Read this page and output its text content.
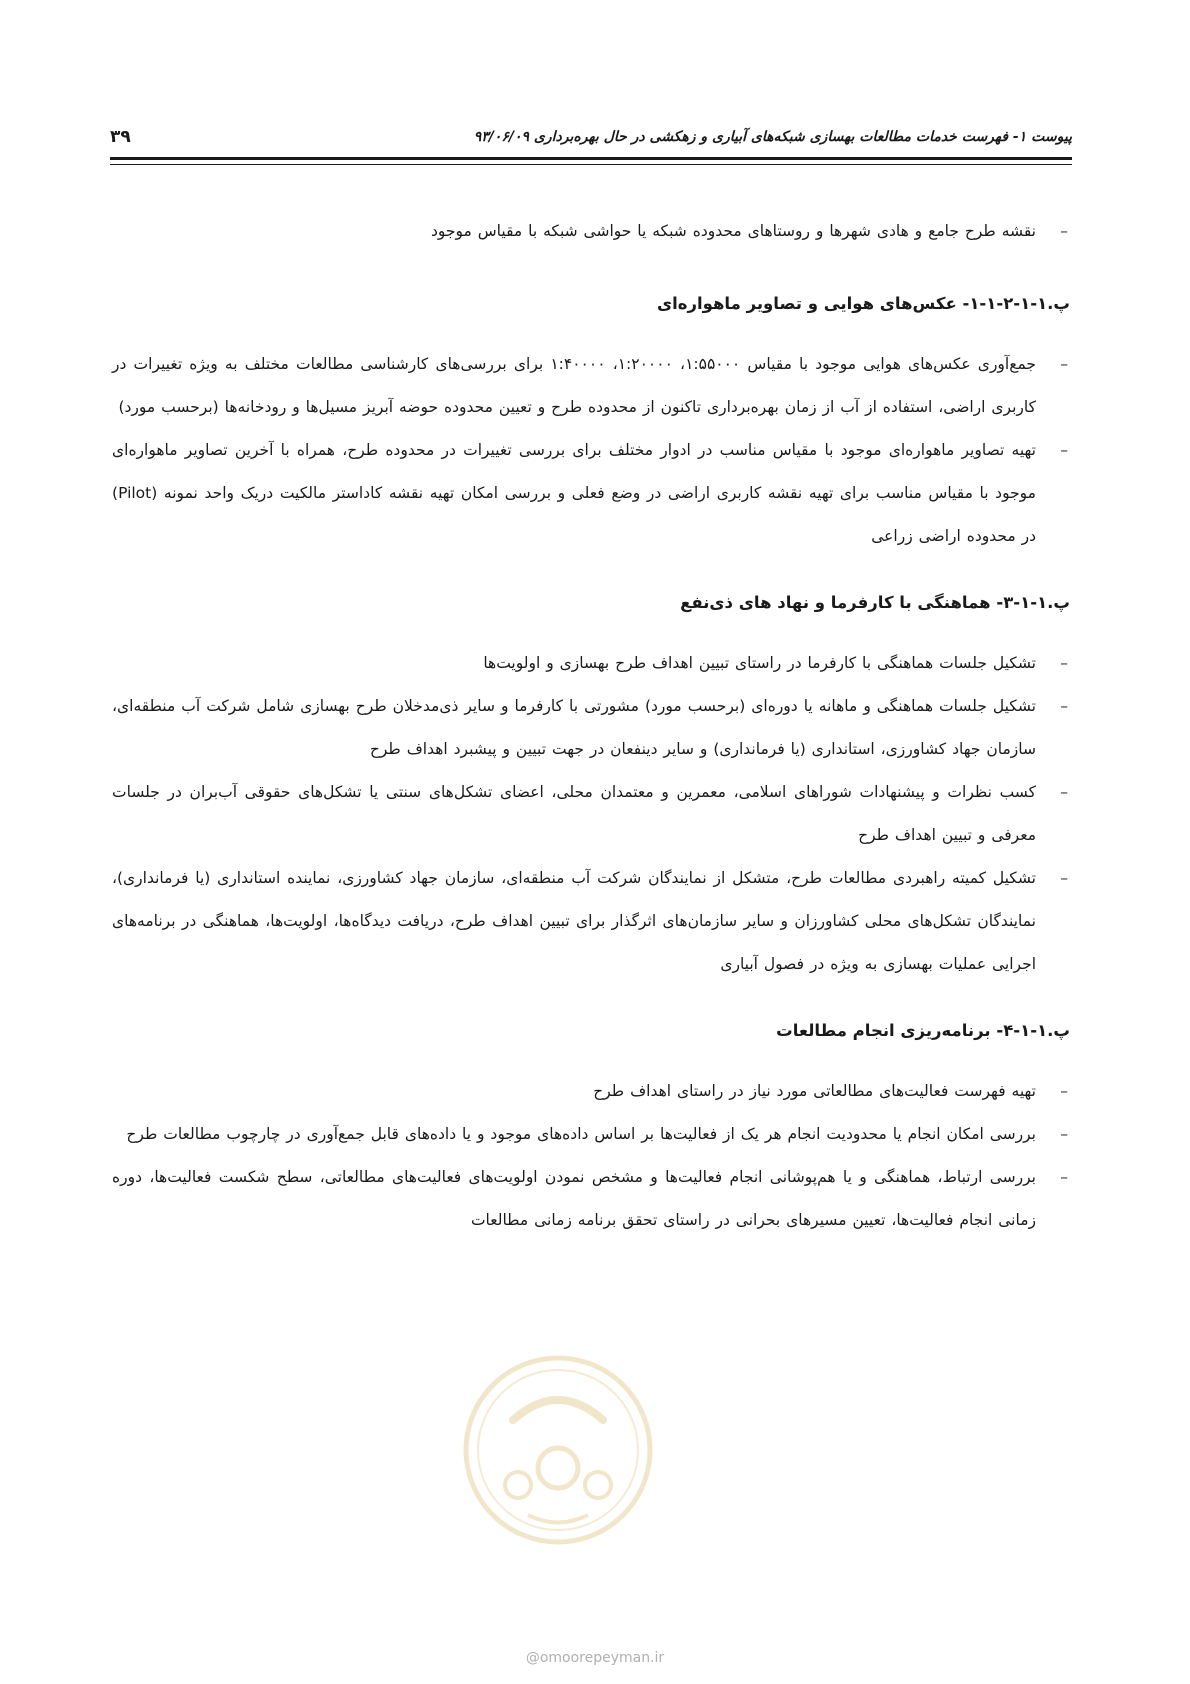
پیوست ۱- فهرست خدمات مطالعات بهسازی شبکه‌های آبیاری و زهکشی در حال بهره‌برداری ۹۳/۰۶/۰۹
۳۹
– نقشه طرح جامع و هادی شهرها و روستاهای محدوده شبکه یا حواشی شبکه با مقیاس موجود
پ.۱-۱-۲-۱-۱- عکس‌های هوایی و تصاویر ماهواره‌ای
– جمع‌آوری عکس‌های هوایی موجود با مقیاس ۱:۵۵۰۰۰، ۱:۲۰۰۰۰، ۱:۴۰۰۰۰ برای بررسی‌های کارشناسی مطالعات مختلف به ویژه تغییرات در کاربری اراضی، استفاده از آب از زمان بهره‌برداری تاکنون از محدوده طرح و تعیین محدوده حوضه آبریز مسیل‌ها و رودخانه‌ها (برحسب مورد)
– تهیه تصاویر ماهواره‌ای موجود با مقیاس مناسب در ادوار مختلف برای بررسی تغییرات در محدوده طرح، همراه با آخرین تصاویر ماهواره‌ای موجود با مقیاس مناسب برای تهیه نقشه کاربری اراضی در وضع فعلی و بررسی امکان تهیه نقشه کاداستر مالکیت دریک واحد نمونه (Pilot) در محدوده اراضی زراعی
پ.۱-۱-۳- هماهنگی با کارفرما و نهاد های ذی‌نفع
– تشکیل جلسات هماهنگی با کارفرما در راستای تبیین اهداف طرح بهسازی و اولویت‌ها
– تشکیل جلسات هماهنگی و ماهانه یا دوره‌ای (برحسب مورد) مشورتی با کارفرما و سایر ذی‌مدخلان طرح بهسازی شامل شرکت آب منطقه‌ای، سازمان جهاد کشاورزی، استانداری (یا فرمانداری) و سایر دینفعان در جهت تبیین و پیشبرد اهداف طرح
– کسب نظرات و پیشنهادات شوراهای اسلامی، معمرین و معتمدان محلی، اعضای تشکل‌های سنتی یا تشکل‌های حقوقی آب‌بران در جلسات معرفی و تبیین اهداف طرح
– تشکیل کمیته راهبردی مطالعات طرح، متشکل از نمایندگان شرکت آب منطقه‌ای، سازمان جهاد کشاورزی، نماینده استانداری (یا فرمانداری)، نمایندگان تشکل‌های محلی کشاورزان و سایر سازمان‌های اثرگذار برای تبیین اهداف طرح، دریافت دیدگاه‌ها، اولویت‌ها، هماهنگی در برنامه‌های اجرایی عملیات بهسازی به ویژه در فصول آبیاری
پ.۱-۱-۴- برنامه‌ریزی انجام مطالعات
– تهیه فهرست فعالیت‌های مطالعاتی مورد نیاز در راستای اهداف طرح
– بررسی امکان انجام یا محدودیت انجام هر یک از فعالیت‌ها بر اساس داده‌های موجود و یا داده‌های قابل جمع‌آوری در چارچوب مطالعات طرح
– بررسی ارتباط، هماهنگی و یا هم‌پوشانی انجام فعالیت‌ها و مشخص نمودن اولویت‌های فعالیت‌های مطالعاتی، سطح شکست فعالیت‌ها، دوره زمانی انجام فعالیت‌ها، تعیین مسیرهای بحرانی در راستای تحقق برنامه زمانی مطالعات
@omoorepeyman.ir
